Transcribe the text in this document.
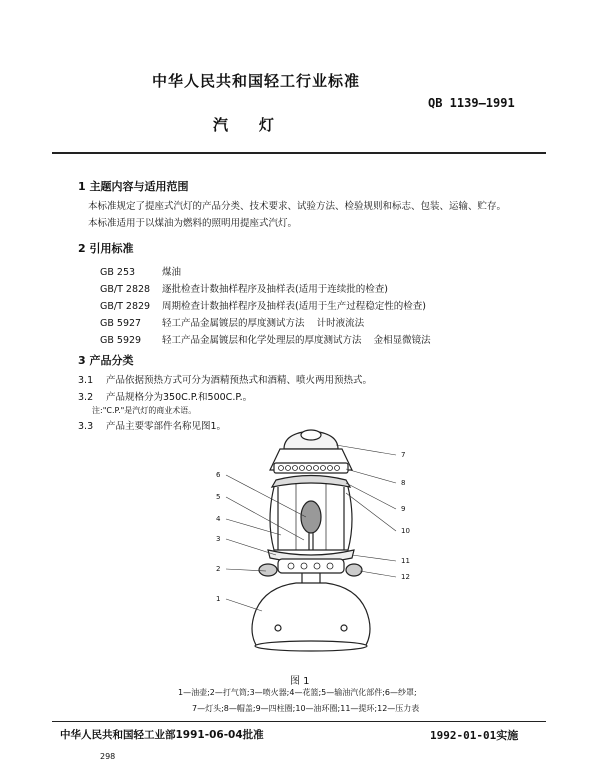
中华人民共和国轻工行业标准
QB 1139—1991
汽    灯
1 主题内容与适用范围
本标准规定了提座式汽灯的产品分类、技术要求、试验方法、检验规则和标志、包装、运输、贮存。
本标准适用于以煤油为燃料的照明用提座式汽灯。
2 引用标准
GB 253	煤油
GB/T 2828 逐批检查计数抽样程序及抽样表(适用于连续批的检查)
GB/T 2829 周期检查计数抽样程序及抽样表(适用于生产过程稳定性的检查)
GB 5927 轻工产品金属镀层的厚度测试方法    计时液流法
GB 5929 轻工产品金属镀层和化学处理层的厚度测试方法    金相显微镜法
3 产品分类
3.1 产品依据预热方式可分为酒精预热式和酒精、喷火两用预热式。
3.2 产品规格分为350C.P.和500C.P.。
注:"C.P."是汽灯的商业术语。
3.3 产品主要零部件名称见图1。
6
5
4
3
2
1
7
8
9
10
11
12
图 1
1—油壶;2—打气筒;3—喷火器;4—花篮;5—输油汽化部件;6—纱罩;
7—灯头;8—帽盖;9—四柱圈;10—油环圈;11—提环;12—压力表
中华人民共和国轻工业部1991-06-04批准	1992-01-01实施
298
